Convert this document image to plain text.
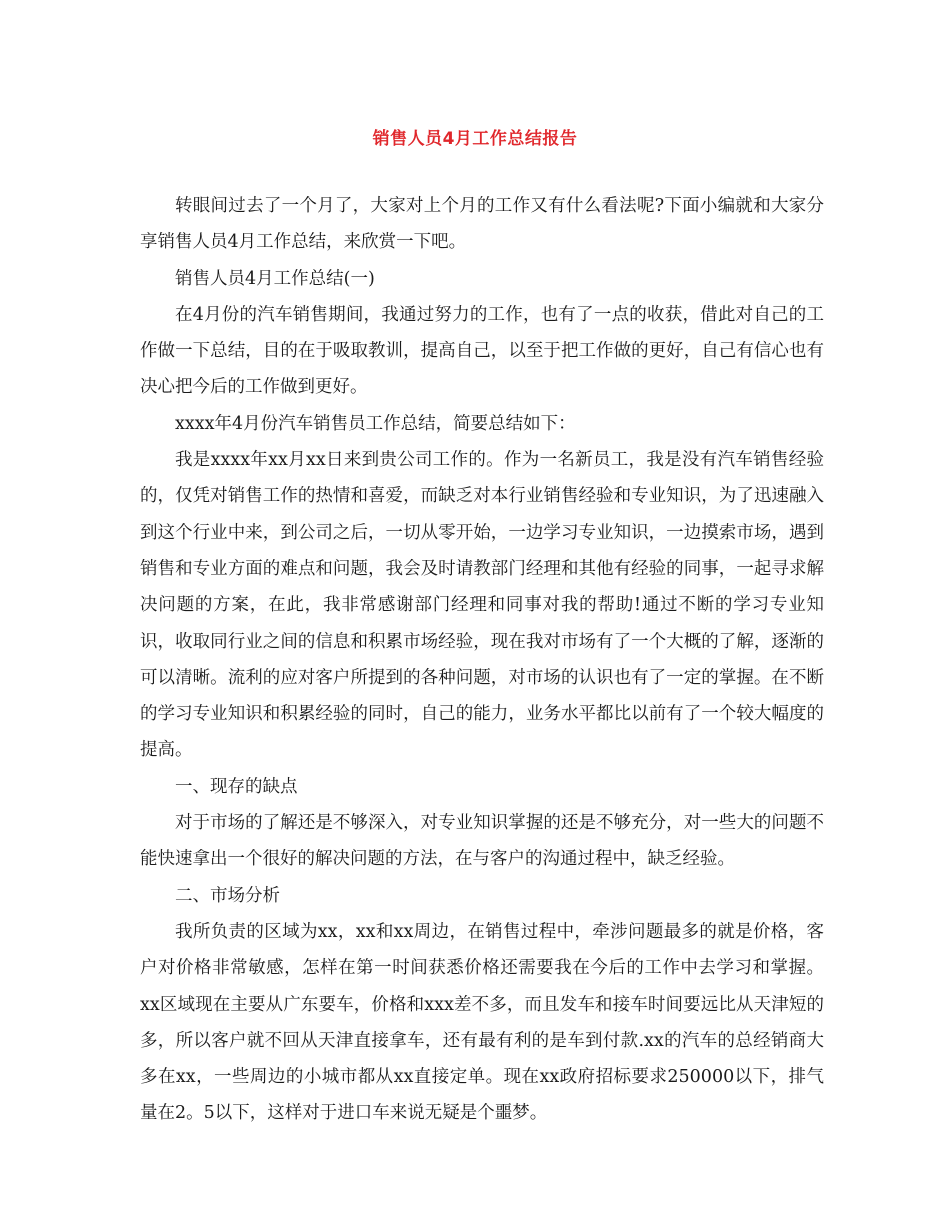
销售人员4月工作总结报告

转眼间过去了一个月了，大家对上个月的工作又有什么看法呢?下面小编就和大家分享销售人员4月工作总结，来欣赏一下吧。

销售人员4月工作总结(一)

在4月份的汽车销售期间，我通过努力的工作，也有了一点的收获，借此对自己的工作做一下总结，目的在于吸取教训，提高自己，以至于把工作做的更好，自己有信心也有决心把今后的工作做到更好。

xxxx年4月份汽车销售员工作总结，简要总结如下：

我是xxxx年xx月xx日来到贵公司工作的。作为一名新员工，我是没有汽车销售经验的，仅凭对销售工作的热情和喜爱，而缺乏对本行业销售经验和专业知识，为了迅速融入到这个行业中来，到公司之后，一切从零开始，一边学习专业知识，一边摸索市场，遇到销售和专业方面的难点和问题，我会及时请教部门经理和其他有经验的同事，一起寻求解决问题的方案，在此，我非常感谢部门经理和同事对我的帮助!通过不断的学习专业知识，收取同行业之间的信息和积累市场经验，现在我对市场有了一个大概的了解，逐渐的可以清晰。流利的应对客户所提到的各种问题，对市场的认识也有了一定的掌握。在不断的学习专业知识和积累经验的同时，自己的能力，业务水平都比以前有了一个较大幅度的提高。

一、现存的缺点

对于市场的了解还是不够深入，对专业知识掌握的还是不够充分，对一些大的问题不能快速拿出一个很好的解决问题的方法，在与客户的沟通过程中，缺乏经验。

二、市场分析

我所负责的区域为xx，xx和xx周边，在销售过程中，牵涉问题最多的就是价格，客户对价格非常敏感，怎样在第一时间获悉价格还需要我在今后的工作中去学习和掌握。xx区域现在主要从广东要车，价格和xxx差不多，而且发车和接车时间要远比从天津短的多，所以客户就不回从天津直接拿车，还有最有利的是车到付款.xx的汽车的总经销商大多在xx，一些周边的小城市都从xx直接定单。现在xx政府招标要求250000以下，排气量在2。5以下，这样对于进口车来说无疑是个噩梦。
